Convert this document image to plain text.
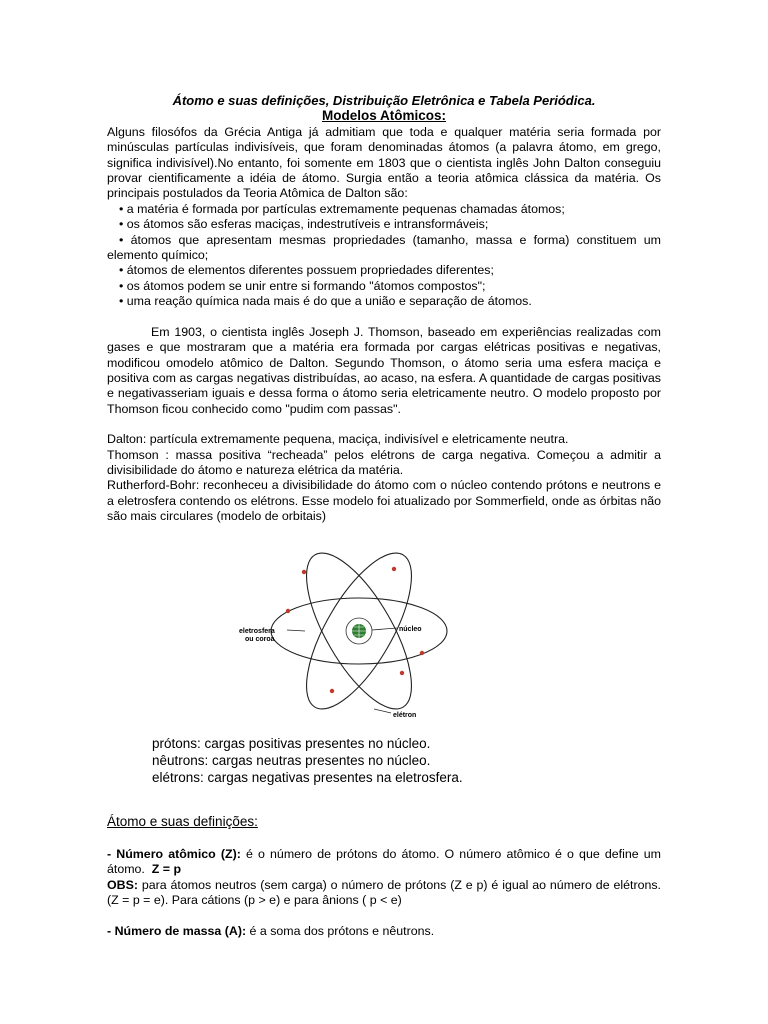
Átomo e suas definições, Distribuição Eletrônica e Tabela Periódica.
Modelos Atômicos:

Alguns filosófos da Grécia Antiga já admitiam que toda e qualquer matéria seria formada por minúsculas partículas indivisíveis, que foram denominadas átomos (a palavra átomo, em grego, significa indivisível).No entanto, foi somente em 1803 que o cientista inglês John Dalton conseguiu provar cientificamente a idéia de átomo. Surgia então a teoria atômica clássica da matéria. Os principais postulados da Teoria Atômica de Dalton são:

• a matéria é formada por partículas extremamente pequenas chamadas átomos;
• os átomos são esferas maciças, indestrutíveis e intransformáveis;
• átomos que apresentam mesmas propriedades (tamanho, massa e forma) constituem um elemento químico;
• átomos de elementos diferentes possuem propriedades diferentes;
• os átomos podem se unir entre si formando "átomos compostos";
• uma reação química nada mais é do que a união e separação de átomos.

Em 1903, o cientista inglês Joseph J. Thomson, baseado em experiências realizadas com gases e que mostraram que a matéria era formada por cargas elétricas positivas e negativas, modificou omodelo atômico de Dalton. Segundo Thomson, o átomo seria uma esfera maciça e positiva com as cargas negativas distribuídas, ao acaso, na esfera. A quantidade de cargas positivas e negativasseriam iguais e dessa forma o átomo seria eletricamente neutro. O modelo proposto por Thomson ficou conhecido como "pudim com passas".

Dalton: partícula extremamente pequena, maciça, indivisível e eletricamente neutra.

Thomson : massa positiva “recheada” pelos elétrons de carga negativa. Começou a admitir a divisibilidade do átomo e natureza elétrica da matéria.

Rutherford-Bohr: reconheceu a divisibilidade do átomo com o núcleo contendo prótons e neutrons e a eletrosfera contendo os elétrons. Esse modelo foi atualizado por Sommerfield, onde as órbitas não são mais circulares (modelo de orbitais)

núcleo
eletrosfera
ou coroa
elétron
prótons: cargas positivas presentes no núcleo.
nêutrons: cargas neutras presentes no núcleo.
elétrons: cargas negativas presentes na eletrosfera.
Átomo e suas definições:

- Número atômico (Z): é o número de prótons do átomo. O número atômico é o que define um átomo. Z = p

OBS: para átomos neutros (sem carga) o número de prótons (Z e p) é igual ao número de elétrons. (Z = p = e). Para cátions (p > e) e para ânions ( p < e)

- Número de massa (A): é a soma dos prótons e nêutrons.
